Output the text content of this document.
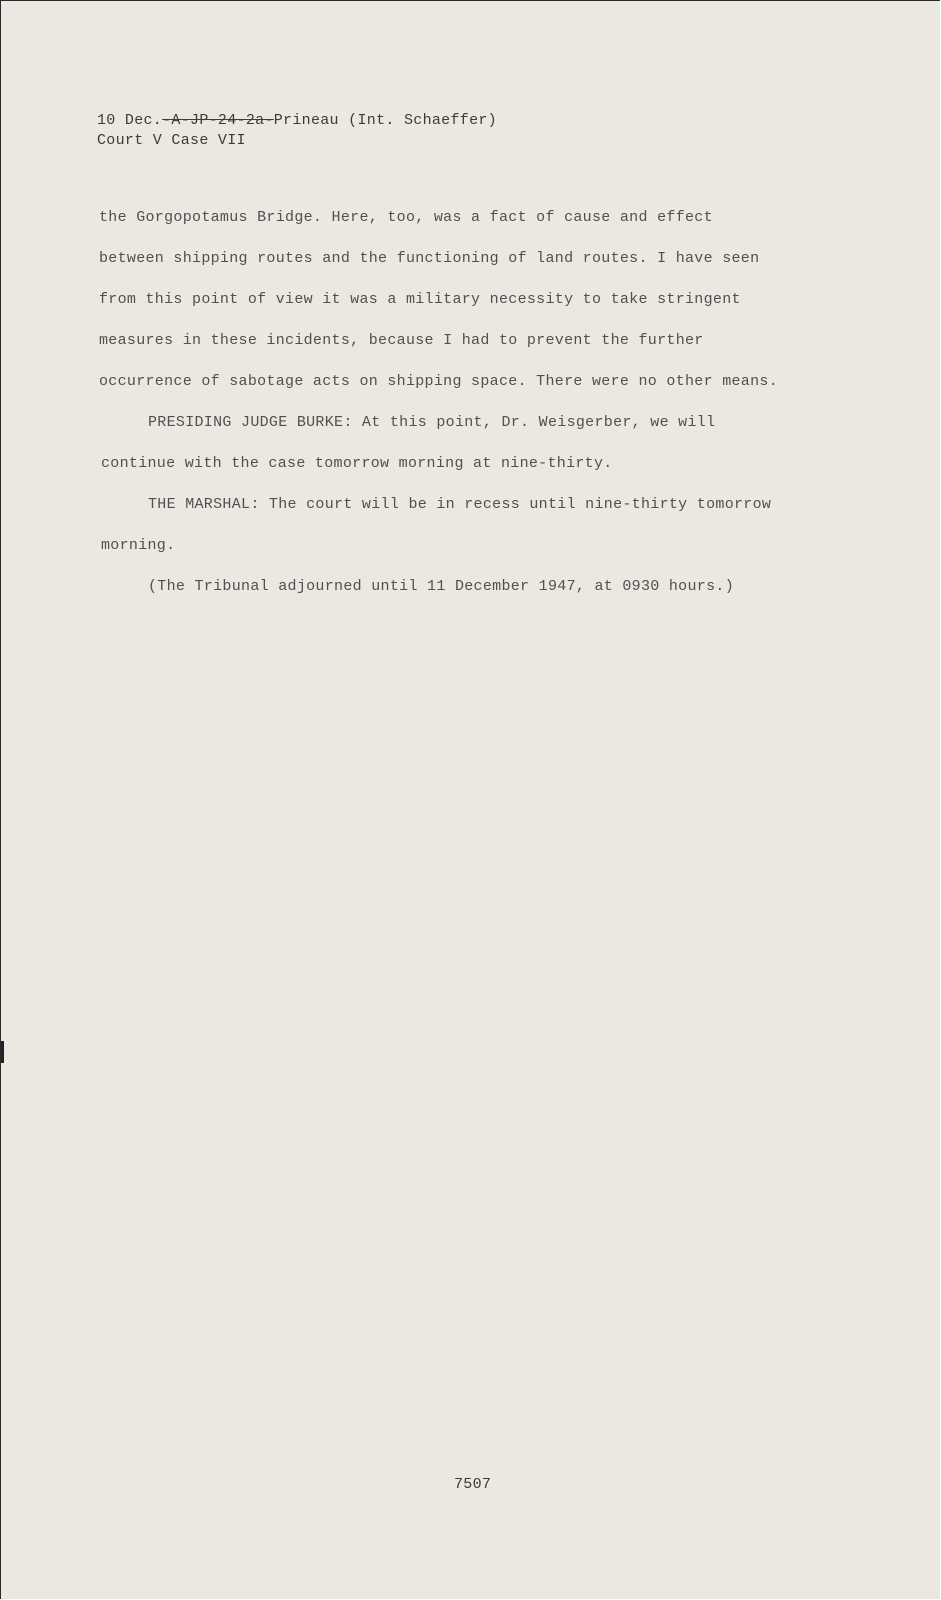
10 Dec.-A-JP-24-2a-Prineau (Int. Schaeffer)
Court V Case VII
the Gorgopotamus Bridge. Here, too, was a fact of cause and effect
between shipping routes and the functioning of land routes. I have seen
from this point of view it was a military necessity to take stringent
measures in these incidents, because I had to prevent the further
occurrence of sabotage acts on shipping space. There were no other means.
PRESIDING JUDGE BURKE: At this point, Dr. Weisgerber, we will
continue with the case tomorrow morning at nine-thirty.
THE MARSHAL: The court will be in recess until nine-thirty tomorrow
morning.
(The Tribunal adjourned until 11 December 1947, at 0930 hours.)
7507
